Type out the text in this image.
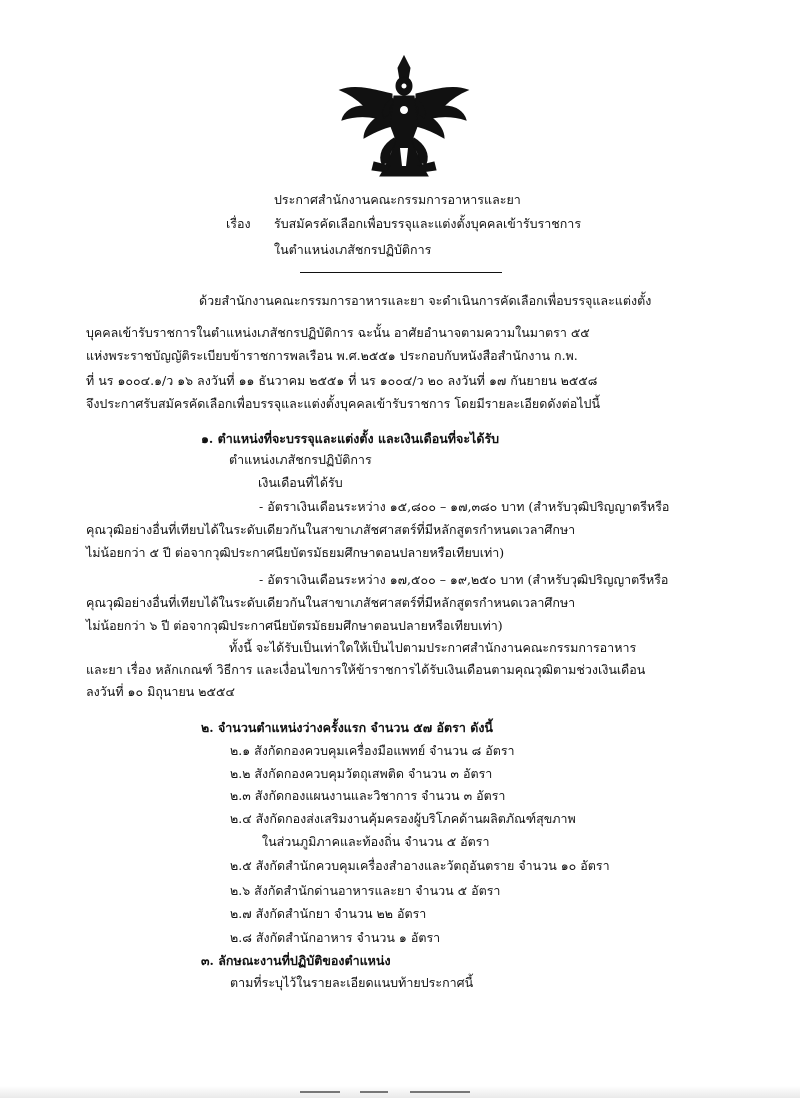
ประกาศสำนักงานคณะกรรมการอาหารและยา
เรื่อง รับสมัครคัดเลือกเพื่อบรรจุและแต่งตั้งบุคคลเข้ารับราชการ
ในตำแหน่งเภสัชกรปฏิบัติการ
ด้วยสำนักงานคณะกรรมการอาหารและยา จะดำเนินการคัดเลือกเพื่อบรรจุและแต่งตั้ง
บุคคลเข้ารับราชการในตำแหน่งเภสัชกรปฏิบัติการ ฉะนั้น อาศัยอำนาจตามความในมาตรา ๕๕
แห่งพระราชบัญญัติระเบียบข้าราชการพลเรือน พ.ศ.๒๕๕๑ ประกอบกับหนังสือสำนักงาน ก.พ.
ที่ นร ๑๐๐๔.๑/ว ๑๖ ลงวันที่ ๑๑ ธันวาคม ๒๕๕๑ ที่ นร ๑๐๐๔/ว ๒๐ ลงวันที่ ๑๗ กันยายน ๒๕๕๘
จึงประกาศรับสมัครคัดเลือกเพื่อบรรจุและแต่งตั้งบุคคลเข้ารับราชการ โดยมีรายละเอียดดังต่อไปนี้
๑. ตำแหน่งที่จะบรรจุและแต่งตั้ง และเงินเดือนที่จะได้รับ
ตำแหน่งเภสัชกรปฏิบัติการ
เงินเดือนที่ได้รับ
- อัตราเงินเดือนระหว่าง ๑๕,๘๐๐ – ๑๗,๓๘๐ บาท (สำหรับวุฒิปริญญาตรีหรือ
คุณวุฒิอย่างอื่นที่เทียบได้ในระดับเดียวกันในสาขาเภสัชศาสตร์ที่มีหลักสูตรกำหนดเวลาศึกษา
ไม่น้อยกว่า ๕ ปี ต่อจากวุฒิประกาศนียบัตรมัธยมศึกษาตอนปลายหรือเทียบเท่า)
- อัตราเงินเดือนระหว่าง ๑๗,๕๐๐ – ๑๙,๒๕๐ บาท (สำหรับวุฒิปริญญาตรีหรือ
คุณวุฒิอย่างอื่นที่เทียบได้ในระดับเดียวกันในสาขาเภสัชศาสตร์ที่มีหลักสูตรกำหนดเวลาศึกษา
ไม่น้อยกว่า ๖ ปี ต่อจากวุฒิประกาศนียบัตรมัธยมศึกษาตอนปลายหรือเทียบเท่า)
ทั้งนี้ จะได้รับเป็นเท่าใดให้เป็นไปตามประกาศสำนักงานคณะกรรมการอาหาร
และยา เรื่อง หลักเกณฑ์ วิธีการ และเงื่อนไขการให้ข้าราชการได้รับเงินเดือนตามคุณวุฒิตามช่วงเงินเดือน
ลงวันที่ ๑๐ มิถุนายน ๒๕๕๔
๒. จำนวนตำแหน่งว่างครั้งแรก จำนวน ๕๗ อัตรา ดังนี้
๒.๑ สังกัดกองควบคุมเครื่องมือแพทย์ จำนวน ๘ อัตรา
๒.๒ สังกัดกองควบคุมวัตถุเสพติด จำนวน ๓ อัตรา
๒.๓ สังกัดกองแผนงานและวิชาการ จำนวน ๓ อัตรา
๒.๔ สังกัดกองส่งเสริมงานคุ้มครองผู้บริโภคด้านผลิตภัณฑ์สุขภาพ
ในส่วนภูมิภาคและท้องถิ่น จำนวน ๕ อัตรา
๒.๕ สังกัดสำนักควบคุมเครื่องสำอางและวัตถุอันตราย จำนวน ๑๐ อัตรา
๒.๖ สังกัดสำนักด่านอาหารและยา จำนวน ๕ อัตรา
๒.๗ สังกัดสำนักยา จำนวน ๒๒ อัตรา
๒.๘ สังกัดสำนักอาหาร จำนวน ๑ อัตรา
๓. ลักษณะงานที่ปฏิบัติของตำแหน่ง
ตามที่ระบุไว้ในรายละเอียดแนบท้ายประกาศนี้
